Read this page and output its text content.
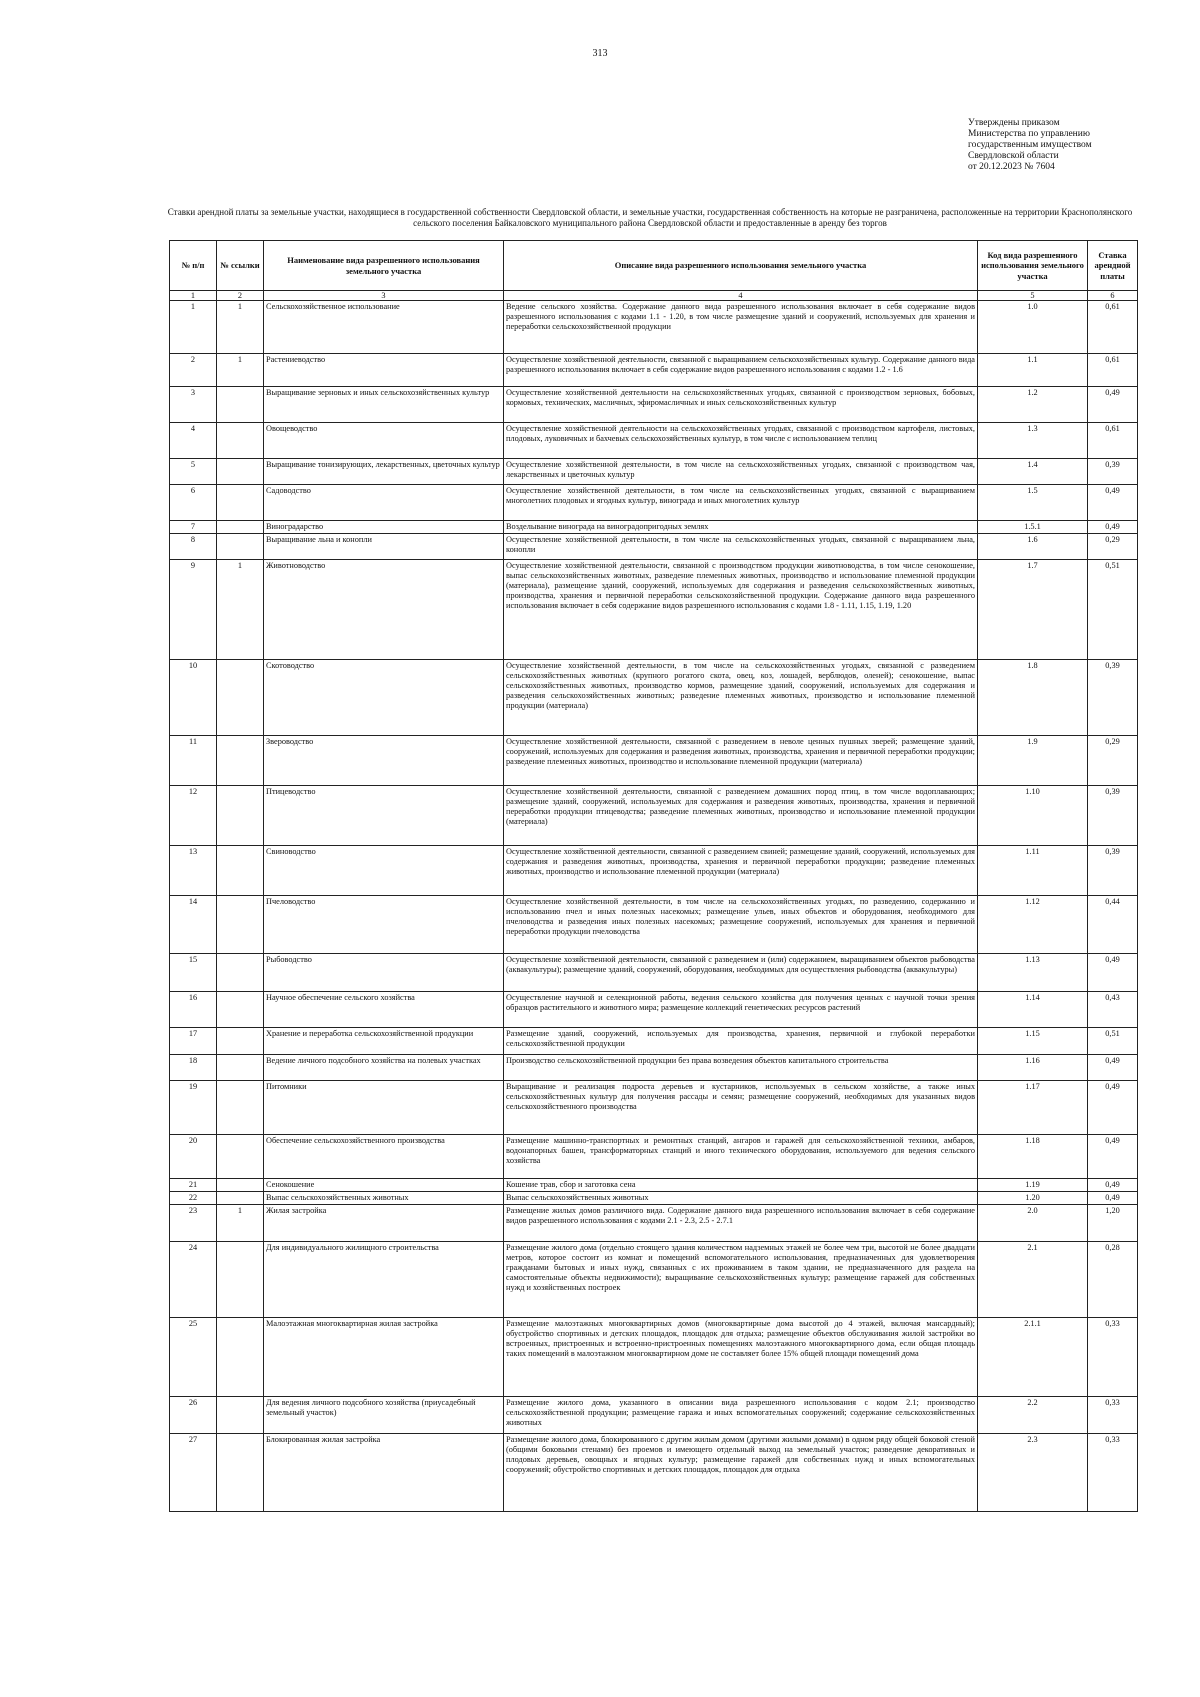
313
Утверждены приказом
Министерства по управлению
государственным имуществом
Свердловской области
от 20.12.2023 № 7604
Ставки арендной платы за земельные участки, находящиеся в государственной собственности Свердловской области, и земельные участки, государственная собственность на которые не разграничена, расположенные на территории Краснополянского сельского поселения Байкаловского муниципального района Свердловской области и предоставленные в аренду без торгов
№ п/п	№ ссылки	Наименование вида разрешенного использования земельного участка	Описание вида разрешенного использования земельного участка	Код вида разрешенного использования земельного участка	Ставка арендной платы
1	2	3	4	5	6
1	1	Сельскохозяйственное использование	Ведение сельского хозяйства. Содержание данного вида разрешенного использования включает в себя содержание видов разрешенного использования с кодами 1.1 - 1.20, в том числе размещение зданий и сооружений, используемых для хранения и переработки сельскохозяйственной продукции	1.0	0,61
2	1	Растениеводство	Осуществление хозяйственной деятельности, связанной с выращиванием сельскохозяйственных культур. Содержание данного вида разрешенного использования включает в себя содержание видов разрешенного использования с кодами 1.2 - 1.6	1.1	0,61
3		Выращивание зерновых и иных сельскохозяйственных культур	Осуществление хозяйственной деятельности на сельскохозяйственных угодьях, связанной с производством зерновых, бобовых, кормовых, технических, масличных, эфиромасличных и иных сельскохозяйственных культур	1.2	0,49
4		Овощеводство	Осуществление хозяйственной деятельности на сельскохозяйственных угодьях, связанной с производством картофеля, листовых, плодовых, луковичных и бахчевых сельскохозяйственных культур, в том числе с использованием теплиц	1.3	0,61
5		Выращивание тонизирующих, лекарственных, цветочных культур	Осуществление хозяйственной деятельности, в том числе на сельскохозяйственных угодьях, связанной с производством чая, лекарственных и цветочных культур	1.4	0,39
6		Садоводство	Осуществление хозяйственной деятельности, в том числе на сельскохозяйственных угодьях, связанной с выращиванием многолетних плодовых и ягодных культур, винограда и иных многолетних культур	1.5	0,49
7		Виноградарство	Возделывание винограда на виноградопригодных землях	1.5.1	0,49
8		Выращивание льна и конопли	Осуществление хозяйственной деятельности, в том числе на сельскохозяйственных угодьях, связанной с выращиванием льна, конопли	1.6	0,29
9	1	Животноводство	Осуществление хозяйственной деятельности, связанной с производством продукции животноводства, в том числе сенокошение, выпас сельскохозяйственных животных, разведение племенных животных, производство и использование племенной продукции (материала), размещение зданий, сооружений, используемых для содержания и разведения сельскохозяйственных животных, производства, хранения и первичной переработки сельскохозяйственной продукции. Содержание данного вида разрешенного использования включает в себя содержание видов разрешенного использования с кодами 1.8 - 1.11, 1.15, 1.19, 1.20	1.7	0,51
10		Скотоводство	Осуществление хозяйственной деятельности, в том числе на сельскохозяйственных угодьях, связанной с разведением сельскохозяйственных животных (крупного рогатого скота, овец, коз, лошадей, верблюдов, оленей); сенокошение, выпас сельскохозяйственных животных, производство кормов, размещение зданий, сооружений, используемых для содержания и разведения сельскохозяйственных животных; разведение племенных животных, производство и использование племенной продукции (материала)	1.8	0,39
11		Звероводство	Осуществление хозяйственной деятельности, связанной с разведением в неволе ценных пушных зверей; размещение зданий, сооружений, используемых для содержания и разведения животных, производства, хранения и первичной переработки продукции; разведение племенных животных, производство и использование племенной продукции (материала)	1.9	0,29
12		Птицеводство	Осуществление хозяйственной деятельности, связанной с разведением домашних пород птиц, в том числе водоплавающих; размещение зданий, сооружений, используемых для содержания и разведения животных, производства, хранения и первичной переработки продукции птицеводства; разведение племенных животных, производство и использование племенной продукции (материала)	1.10	0,39
13		Свиноводство	Осуществление хозяйственной деятельности, связанной с разведением свиней; размещение зданий, сооружений, используемых для содержания и разведения животных, производства, хранения и первичной переработки продукции; разведение племенных животных, производство и использование племенной продукции (материала)	1.11	0,39
14		Пчеловодство	Осуществление хозяйственной деятельности, в том числе на сельскохозяйственных угодьях, по разведению, содержанию и использованию пчел и иных полезных насекомых; размещение ульев, иных объектов и оборудования, необходимого для пчеловодства и разведения иных полезных насекомых; размещение сооружений, используемых для хранения и первичной переработки продукции пчеловодства	1.12	0,44
15		Рыбоводство	Осуществление хозяйственной деятельности, связанной с разведением и (или) содержанием, выращиванием объектов рыбоводства (аквакультуры); размещение зданий, сооружений, оборудования, необходимых для осуществления рыбоводства (аквакультуры)	1.13	0,49
16		Научное обеспечение сельского хозяйства	Осуществление научной и селекционной работы, ведения сельского хозяйства для получения ценных с научной точки зрения образцов растительного и животного мира; размещение коллекций генетических ресурсов растений	1.14	0,43
17		Хранение и переработка сельскохозяйственной продукции	Размещение зданий, сооружений, используемых для производства, хранения, первичной и глубокой переработки сельскохозяйственной продукции	1.15	0,51
18		Ведение личного подсобного хозяйства на полевых участках	Производство сельскохозяйственной продукции без права возведения объектов капитального строительства	1.16	0,49
19		Питомники	Выращивание и реализация подроста деревьев и кустарников, используемых в сельском хозяйстве, а также иных сельскохозяйственных культур для получения рассады и семян; размещение сооружений, необходимых для указанных видов сельскохозяйственного производства	1.17	0,49
20		Обеспечение сельскохозяйственного производства	Размещение машинно-транспортных и ремонтных станций, ангаров и гаражей для сельскохозяйственной техники, амбаров, водонапорных башен, трансформаторных станций и иного технического оборудования, используемого для ведения сельского хозяйства	1.18	0,49
21		Сенокошение	Кошение трав, сбор и заготовка сена	1.19	0,49
22		Выпас сельскохозяйственных животных	Выпас сельскохозяйственных животных	1.20	0,49
23	1	Жилая застройка	Размещение жилых домов различного вида. Содержание данного вида разрешенного использования включает в себя содержание видов разрешенного использования с кодами 2.1 - 2.3, 2.5 - 2.7.1	2.0	1,20
24		Для индивидуального жилищного строительства	Размещение жилого дома (отдельно стоящего здания количеством надземных этажей не более чем три, высотой не более двадцати метров, которое состоит из комнат и помещений вспомогательного использования, предназначенных для удовлетворения гражданами бытовых и иных нужд, связанных с их проживанием в таком здании, не предназначенного для раздела на самостоятельные объекты недвижимости); выращивание сельскохозяйственных культур; размещение гаражей для собственных нужд и хозяйственных построек	2.1	0,28
25		Малоэтажная многоквартирная жилая застройка	Размещение малоэтажных многоквартирных домов (многоквартирные дома высотой до 4 этажей, включая мансардный); обустройство спортивных и детских площадок, площадок для отдыха; размещение объектов обслуживания жилой застройки во встроенных, пристроенных и встроенно-пристроенных помещениях малоэтажного многоквартирного дома, если общая площадь таких помещений в малоэтажном многоквартирном доме не составляет более 15% общей площади помещений дома	2.1.1	0,33
26		Для ведения личного подсобного хозяйства (приусадебный земельный участок)	Размещение жилого дома, указанного в описании вида разрешенного использования с кодом 2.1; производство сельскохозяйственной продукции; размещение гаража и иных вспомогательных сооружений; содержание сельскохозяйственных животных	2.2	0,33
27		Блокированная жилая застройка	Размещение жилого дома, блокированного с другим жилым домом (другими жилыми домами) в одном ряду общей боковой стеной (общими боковыми стенами) без проемов и имеющего отдельный выход на земельный участок; разведение декоративных и плодовых деревьев, овощных и ягодных культур; размещение гаражей для собственных нужд и иных вспомогательных сооружений; обустройство спортивных и детских площадок, площадок для отдыха	2.3	0,33
